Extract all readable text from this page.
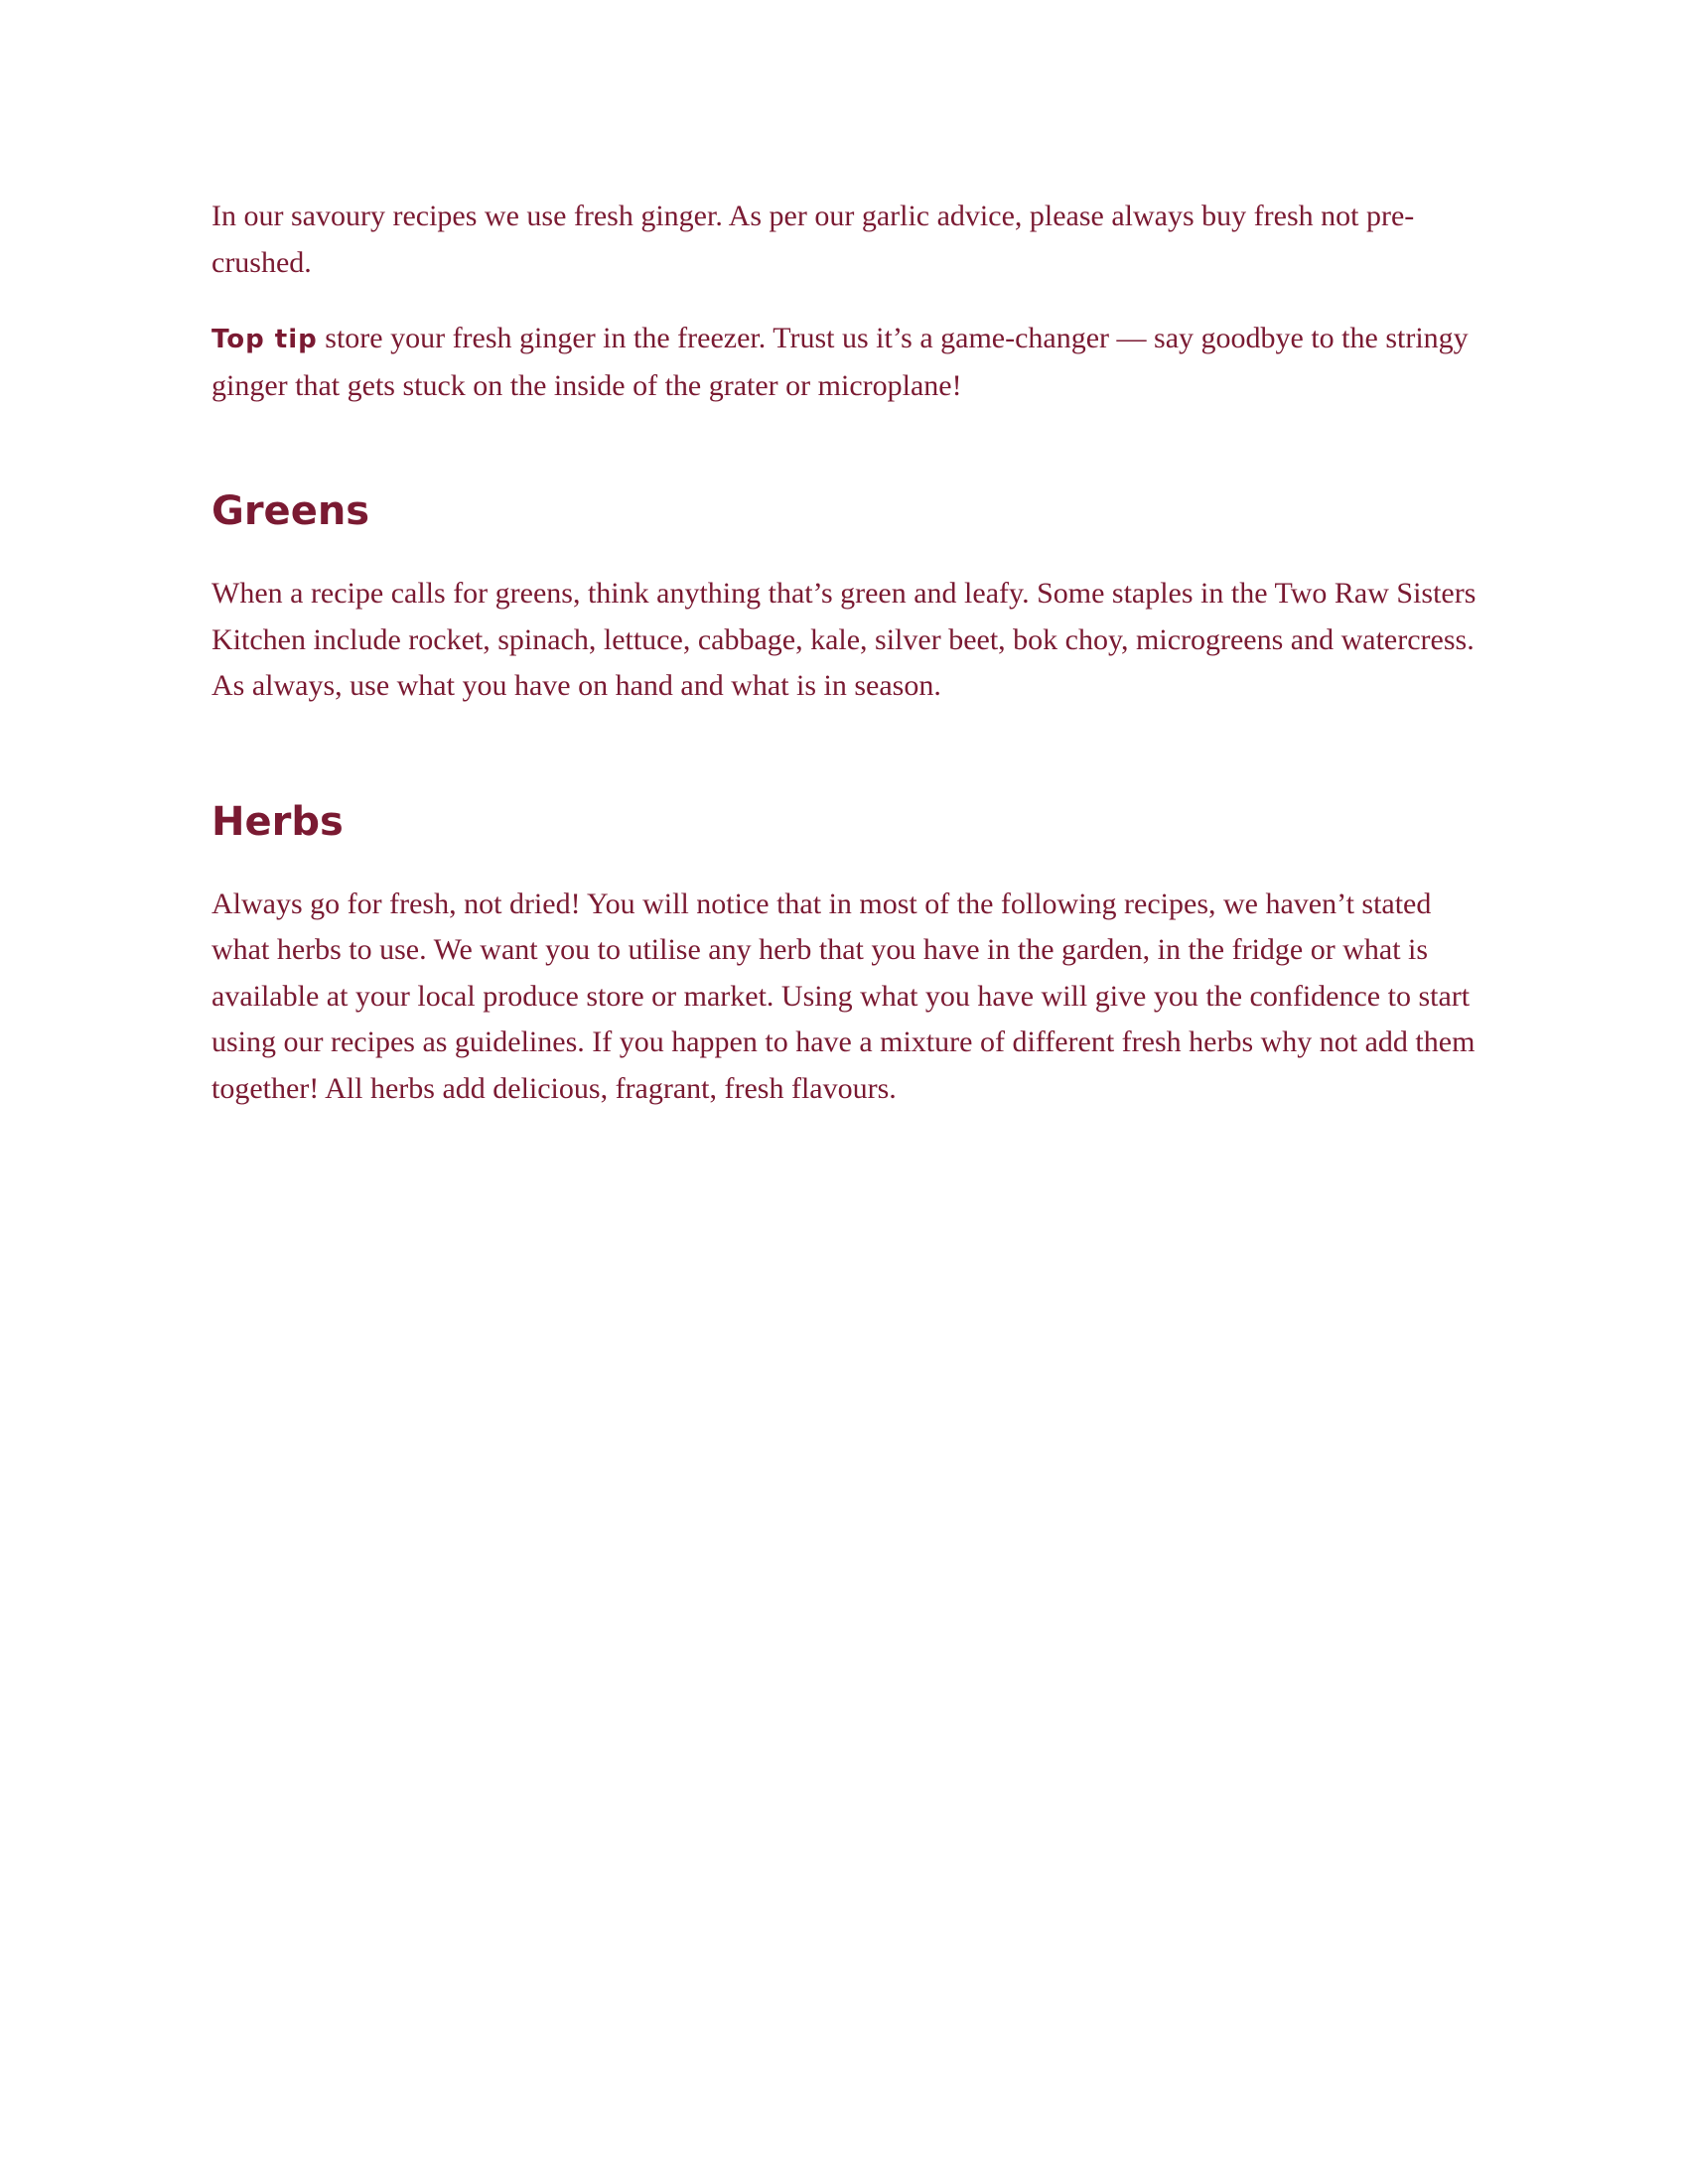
In our savoury recipes we use fresh ginger. As per our garlic advice, please always buy fresh not pre-crushed.

Top tip store your fresh ginger in the freezer. Trust us it’s a game-changer — say goodbye to the stringy ginger that gets stuck on the inside of the grater or microplane!

Greens

When a recipe calls for greens, think anything that’s green and leafy. Some staples in the Two Raw Sisters Kitchen include rocket, spinach, lettuce, cabbage, kale, silver beet, bok choy, microgreens and watercress. As always, use what you have on hand and what is in season.

Herbs

Always go for fresh, not dried! You will notice that in most of the following recipes, we haven’t stated what herbs to use. We want you to utilise any herb that you have in the garden, in the fridge or what is available at your local produce store or market. Using what you have will give you the confidence to start using our recipes as guidelines. If you happen to have a mixture of different fresh herbs why not add them together! All herbs add delicious, fragrant, fresh flavours.
